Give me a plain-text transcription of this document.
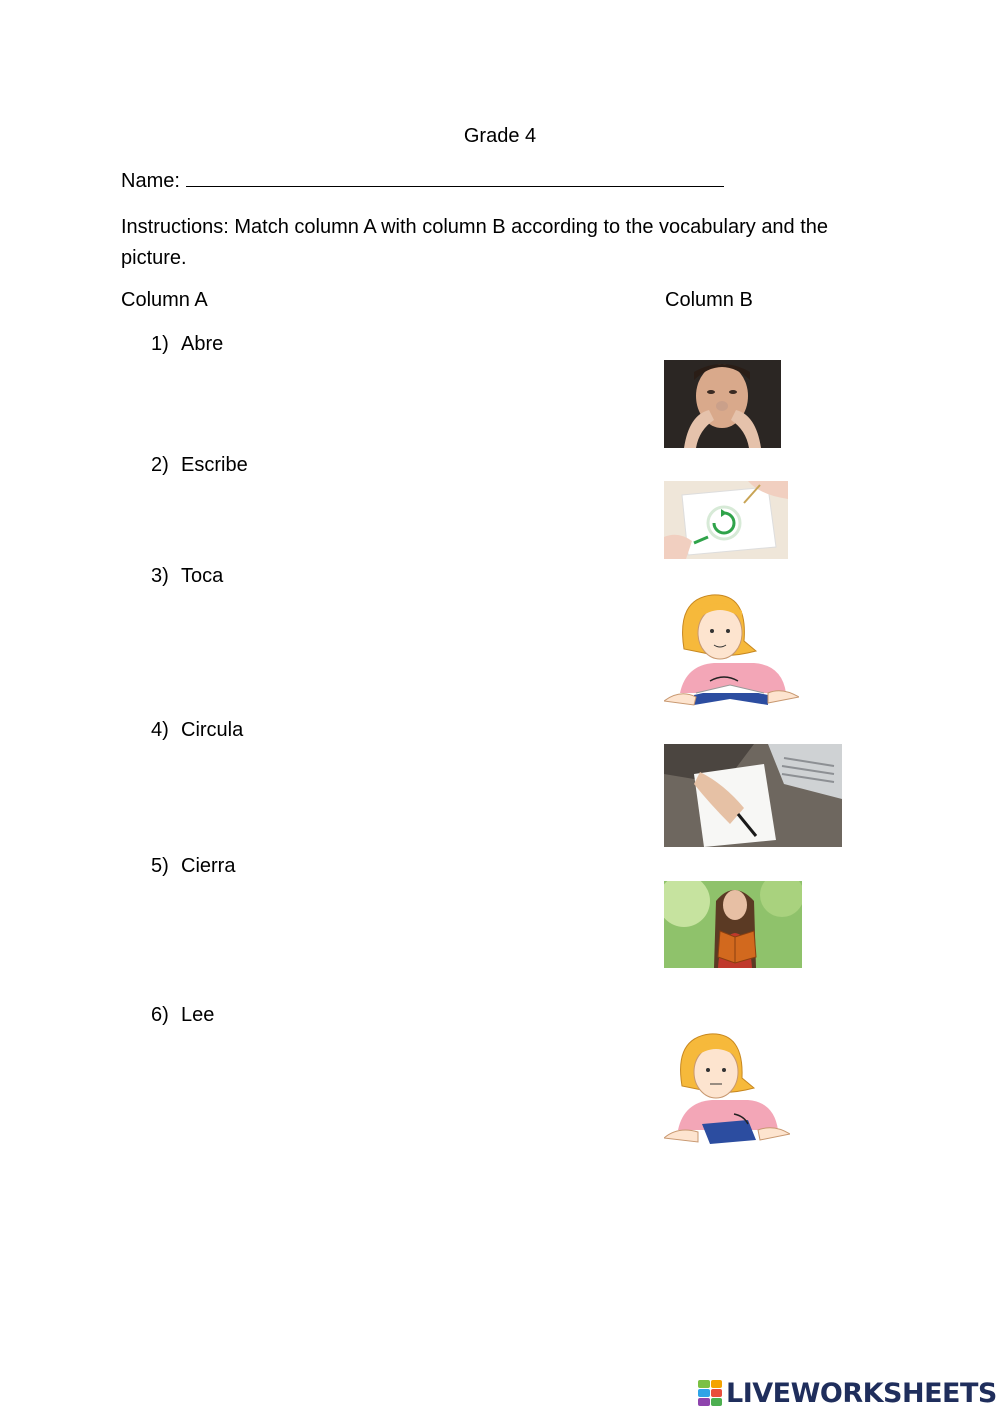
Grade 4
Name:
Instructions: Match column A with column B according to the vocabulary and the picture.
Column A	Column B
1) Abre
2) Escribe
3) Toca
4) Circula
5) Cierra
6) Lee
LIVEWORKSHEETS
